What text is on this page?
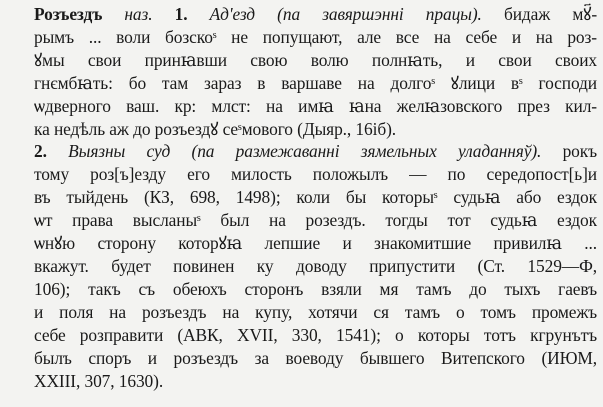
Розъездъ наз. 1. Ад'езд (па завяршэнні працы). бидаж мꙋ҃-
рымъ ... воли бозскоˢ не попущают, але все на себе и на роз-
ꙋмы свои принꙗвши свою волю полнꙗть, и свои своих
гнємбꙗть: бо там зараз в варшаве на долгоˢ ꙋлици вˢ господи
ѡдверного ваш. кр: млст: на имꙗ ꙗна желꙗзовского през кил-
ка недѣль аж до розъездꙋ сеˢмового (Дыяр., 16іб).
2. Выязны суд (па размежаванні зямельных уладанняў). рокъ
тому роз[ъ]езду его милость положылъ — по середопост[ь]и
въ тыйдень (КЗ, 698, 1498); коли бы которыˢ судьꙗ або ездок
ѡт права высланыˢ был на розездъ. тогды тот судьꙗ ездок
ѡнꙋю сторону которꙋꙗ лепшие и знакомитшие привилꙗ ...
вкажут. будет повинен ку доводу припустити (Ст. 1529—Ф,
106); такъ съ обеюхъ сторонъ взяли мя тамъ до тыхъ гаевъ
и поля на розъездъ на купу, хотячи ся тамъ о томъ промежъ
себе розправити (АВК, XVII, 330, 1541); о которы тотъ кгрунътъ
былъ споръ и розъездъ за воеводу бывшего Витепского (ИЮМ,
XXIII, 307, 1630).
